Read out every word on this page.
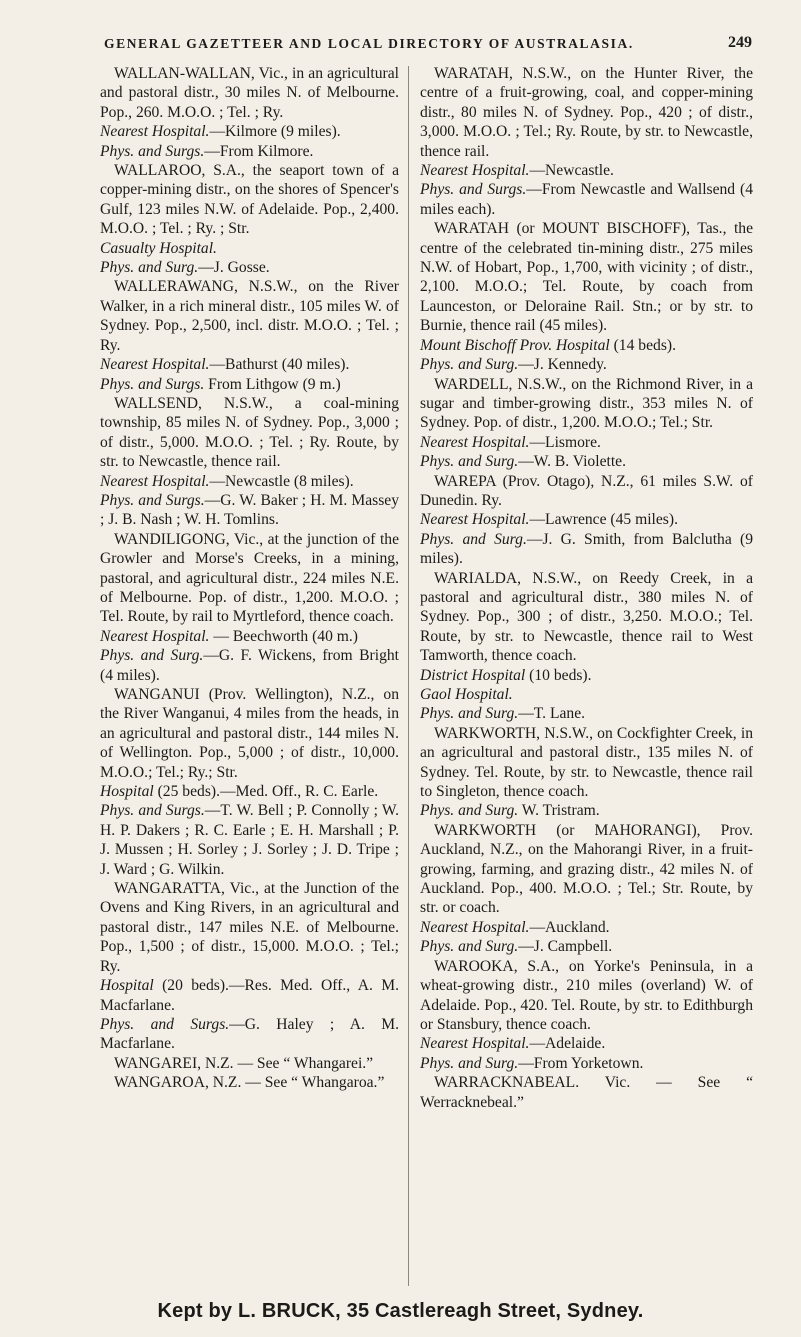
GENERAL GAZETTEER AND LOCAL DIRECTORY OF AUSTRALASIA.	249

WALLAN-WALLAN, Vic., in an agricultural and pastoral distr., 30 miles N. of Melbourne. Pop., 260. M.O.O. ; Tel. ; Ry.

Nearest Hospital.—Kilmore (9 miles).

Phys. and Surgs.—From Kilmore.

WALLAROO, S.A., the seaport town of a copper-mining distr., on the shores of Spencer's Gulf, 123 miles N.W. of Adelaide. Pop., 2,400. M.O.O. ; Tel. ; Ry. ; Str.

Casualty Hospital.

Phys. and Surg.—J. Gosse.

WALLERAWANG, N.S.W., on the River Walker, in a rich mineral distr., 105 miles W. of Sydney. Pop., 2,500, incl. distr. M.O.O. ; Tel. ; Ry.

Nearest Hospital.—Bathurst (40 miles).

Phys. and Surgs. From Lithgow (9 m.)

WALLSEND, N.S.W., a coal-mining township, 85 miles N. of Sydney. Pop., 3,000 ; of distr., 5,000. M.O.O. ; Tel. ; Ry. Route, by str. to Newcastle, thence rail.

Nearest Hospital.—Newcastle (8 miles).

Phys. and Surgs.—G. W. Baker ; H. M. Massey ; J. B. Nash ; W. H. Tomlins.

WANDILIGONG, Vic., at the junction of the Growler and Morse's Creeks, in a mining, pastoral, and agricultural distr., 224 miles N.E. of Melbourne. Pop. of distr., 1,200. M.O.O. ; Tel. Route, by rail to Myrtleford, thence coach.

Nearest Hospital. — Beechworth (40 m.)

Phys. and Surg.—G. F. Wickens, from Bright (4 miles).

WANGANUI (Prov. Wellington), N.Z., on the River Wanganui, 4 miles from the heads, in an agricultural and pastoral distr., 144 miles N. of Wellington. Pop., 5,000 ; of distr., 10,000. M.O.O.; Tel.; Ry.; Str.

Hospital (25 beds).—Med. Off., R. C. Earle.

Phys. and Surgs.—T. W. Bell ; P. Connolly ; W. H. P. Dakers ; R. C. Earle ; E. H. Marshall ; P. J. Mussen ; H. Sorley ; J. Sorley ; J. D. Tripe ; J. Ward ; G. Wilkin.

WANGARATTA, Vic., at the Junction of the Ovens and King Rivers, in an agricultural and pastoral distr., 147 miles N.E. of Melbourne. Pop., 1,500 ; of distr., 15,000. M.O.O. ; Tel.; Ry.

Hospital (20 beds).—Res. Med. Off., A. M. Macfarlane.

Phys. and Surgs.—G. Haley ; A. M. Macfarlane.

WANGAREI, N.Z. — See “ Whangarei.”

WANGAROA, N.Z. — See “ Whangaroa.”

WARATAH, N.S.W., on the Hunter River, the centre of a fruit-growing, coal, and copper-mining distr., 80 miles N. of Sydney. Pop., 420 ; of distr., 3,000. M.O.O. ; Tel.; Ry. Route, by str. to Newcastle, thence rail.

Nearest Hospital.—Newcastle.

Phys. and Surgs.—From Newcastle and Wallsend (4 miles each).

WARATAH (or MOUNT BISCHOFF), Tas., the centre of the celebrated tin-mining distr., 275 miles N.W. of Hobart, Pop., 1,700, with vicinity ; of distr., 2,100. M.O.O.; Tel. Route, by coach from Launceston, or Deloraine Rail. Stn.; or by str. to Burnie, thence rail (45 miles).

Mount Bischoff Prov. Hospital (14 beds).

Phys. and Surg.—J. Kennedy.

WARDELL, N.S.W., on the Richmond River, in a sugar and timber-growing distr., 353 miles N. of Sydney. Pop. of distr., 1,200. M.O.O.; Tel.; Str.

Nearest Hospital.—Lismore.

Phys. and Surg.—W. B. Violette.

WAREPA (Prov. Otago), N.Z., 61 miles S.W. of Dunedin. Ry.

Nearest Hospital.—Lawrence (45 miles).

Phys. and Surg.—J. G. Smith, from Balclutha (9 miles).

WARIALDA, N.S.W., on Reedy Creek, in a pastoral and agricultural distr., 380 miles N. of Sydney. Pop., 300 ; of distr., 3,250. M.O.O.; Tel. Route, by str. to Newcastle, thence rail to West Tamworth, thence coach.

District Hospital (10 beds).

Gaol Hospital.

Phys. and Surg.—T. Lane.

WARKWORTH, N.S.W., on Cockfighter Creek, in an agricultural and pastoral distr., 135 miles N. of Sydney. Tel. Route, by str. to Newcastle, thence rail to Singleton, thence coach.

Phys. and Surg. W. Tristram.

WARKWORTH (or MAHORANGI), Prov. Auckland, N.Z., on the Mahorangi River, in a fruit-growing, farming, and grazing distr., 42 miles N. of Auckland. Pop., 400. M.O.O. ; Tel.; Str. Route, by str. or coach.

Nearest Hospital.—Auckland.

Phys. and Surg.—J. Campbell.

WAROOKA, S.A., on Yorke's Peninsula, in a wheat-growing distr., 210 miles (overland) W. of Adelaide. Pop., 420. Tel. Route, by str. to Edithburgh or Stansbury, thence coach.

Nearest Hospital.—Adelaide.

Phys. and Surg.—From Yorketown.

WARRACKNABEAL. Vic. — See “ Werracknebeal.”

Kept by L. BRUCK, 35 Castlereagh Street, Sydney.
